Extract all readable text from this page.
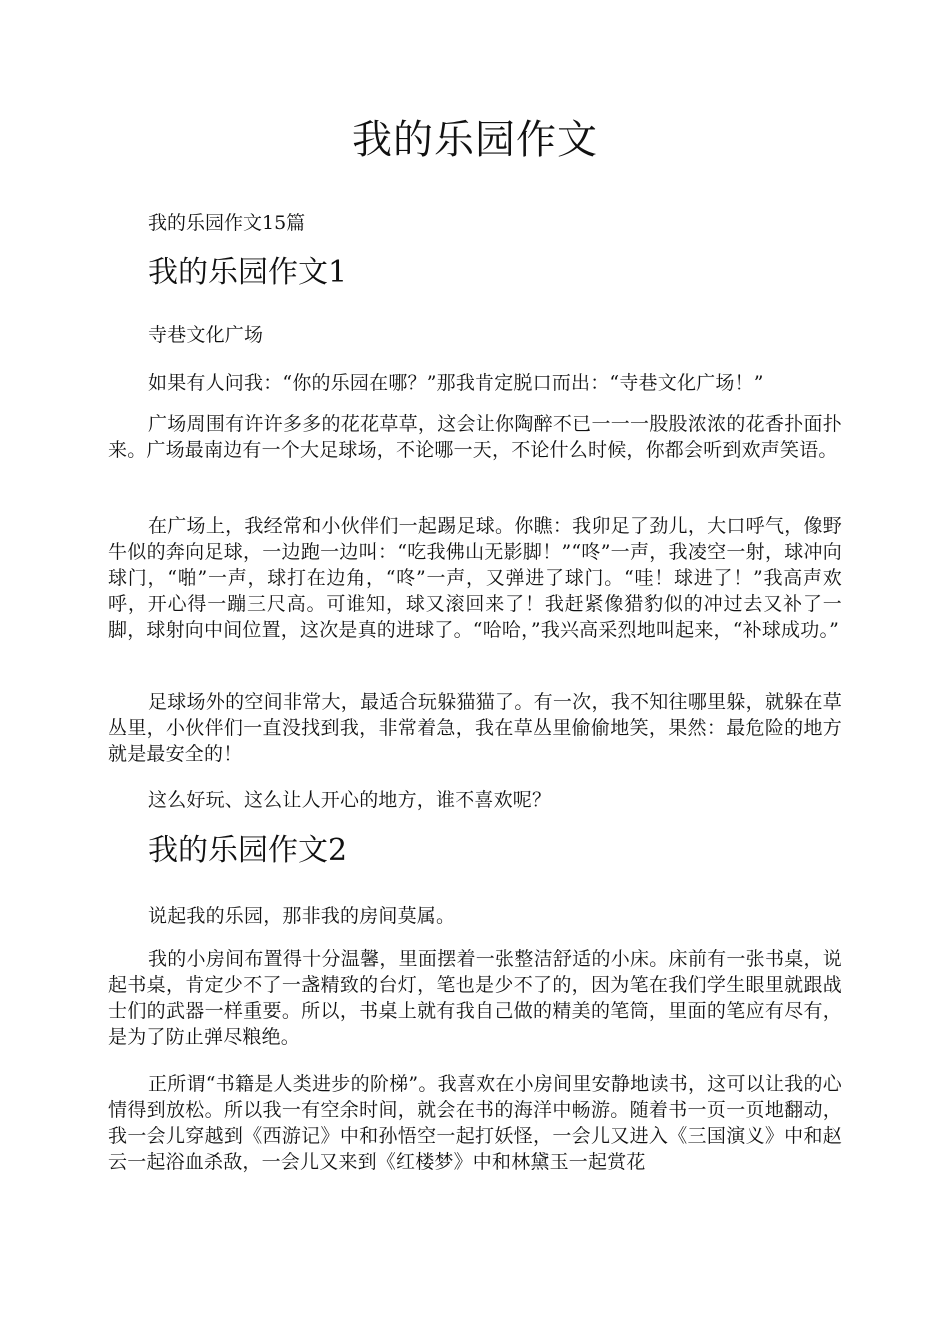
我的乐园作文

我的乐园作文15篇

我的乐园作文1

寺巷文化广场

如果有人问我：“你的乐园在哪？”那我肯定脱口而出：“寺巷文化广场！”

广场周围有许许多多的花花草草，这会让你陶醉不已一一一股股浓浓的花香扑面扑来。广场最南边有一个大足球场，不论哪一天，不论什么时候，你都会听到欢声笑语。

在广场上，我经常和小伙伴们一起踢足球。你瞧：我卯足了劲儿，大口呼气，像野牛似的奔向足球，一边跑一边叫：“吃我佛山无影脚！”“咚”一声，我凌空一射，球冲向球门，“啪”一声，球打在边角，“咚”一声，又弹进了球门。“哇！球进了！”我高声欢呼，开心得一蹦三尺高。可谁知，球又滚回来了！我赶紧像猎豹似的冲过去又补了一脚，球射向中间位置，这次是真的进球了。“哈哈，”我兴高采烈地叫起来，“补球成功。”

足球场外的空间非常大，最适合玩躲猫猫了。有一次，我不知往哪里躲，就躲在草丛里，小伙伴们一直没找到我，非常着急，我在草丛里偷偷地笑，果然：最危险的地方就是最安全的！

这么好玩、这么让人开心的地方，谁不喜欢呢？

我的乐园作文2

说起我的乐园，那非我的房间莫属。

我的小房间布置得十分温馨，里面摆着一张整洁舒适的小床。床前有一张书桌，说起书桌，肯定少不了一盏精致的台灯，笔也是少不了的，因为笔在我们学生眼里就跟战士们的武器一样重要。所以，书桌上就有我自己做的精美的笔筒，里面的笔应有尽有，是为了防止弹尽粮绝。

正所谓“书籍是人类进步的阶梯”。我喜欢在小房间里安静地读书，这可以让我的心情得到放松。所以我一有空余时间，就会在书的海洋中畅游。随着书一页一页地翻动，我一会儿穿越到《西游记》中和孙悟空一起打妖怪，一会儿又进入《三国演义》中和赵云一起浴血杀敌，一会儿又来到《红楼梦》中和林黛玉一起赏花
